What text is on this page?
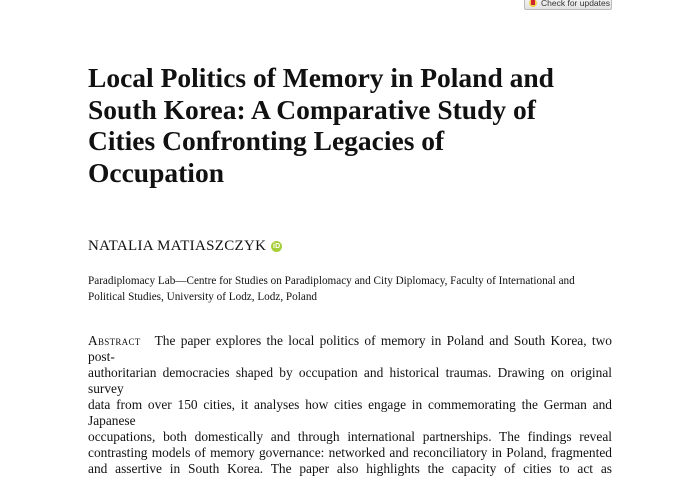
Check for updates
Local Politics of Memory in Poland and
South Korea: A Comparative Study of
Cities Confronting Legacies of
Occupation
NATALIA MATIASZCZYK iD
Paradiplomacy Lab—Centre for Studies on Paradiplomacy and City Diplomacy, Faculty of International and
Political Studies, University of Lodz, Lodz, Poland
Abstract The paper explores the local politics of memory in Poland and South Korea, two post-
authoritarian democracies shaped by occupation and historical traumas. Drawing on original survey
data from over 150 cities, it analyses how cities engage in commemorating the German and Japanese
occupations, both domestically and through international partnerships. The findings reveal
contrasting models of memory governance: networked and reconciliatory in Poland, fragmented
and assertive in South Korea. The paper also highlights the capacity of cities to act as
